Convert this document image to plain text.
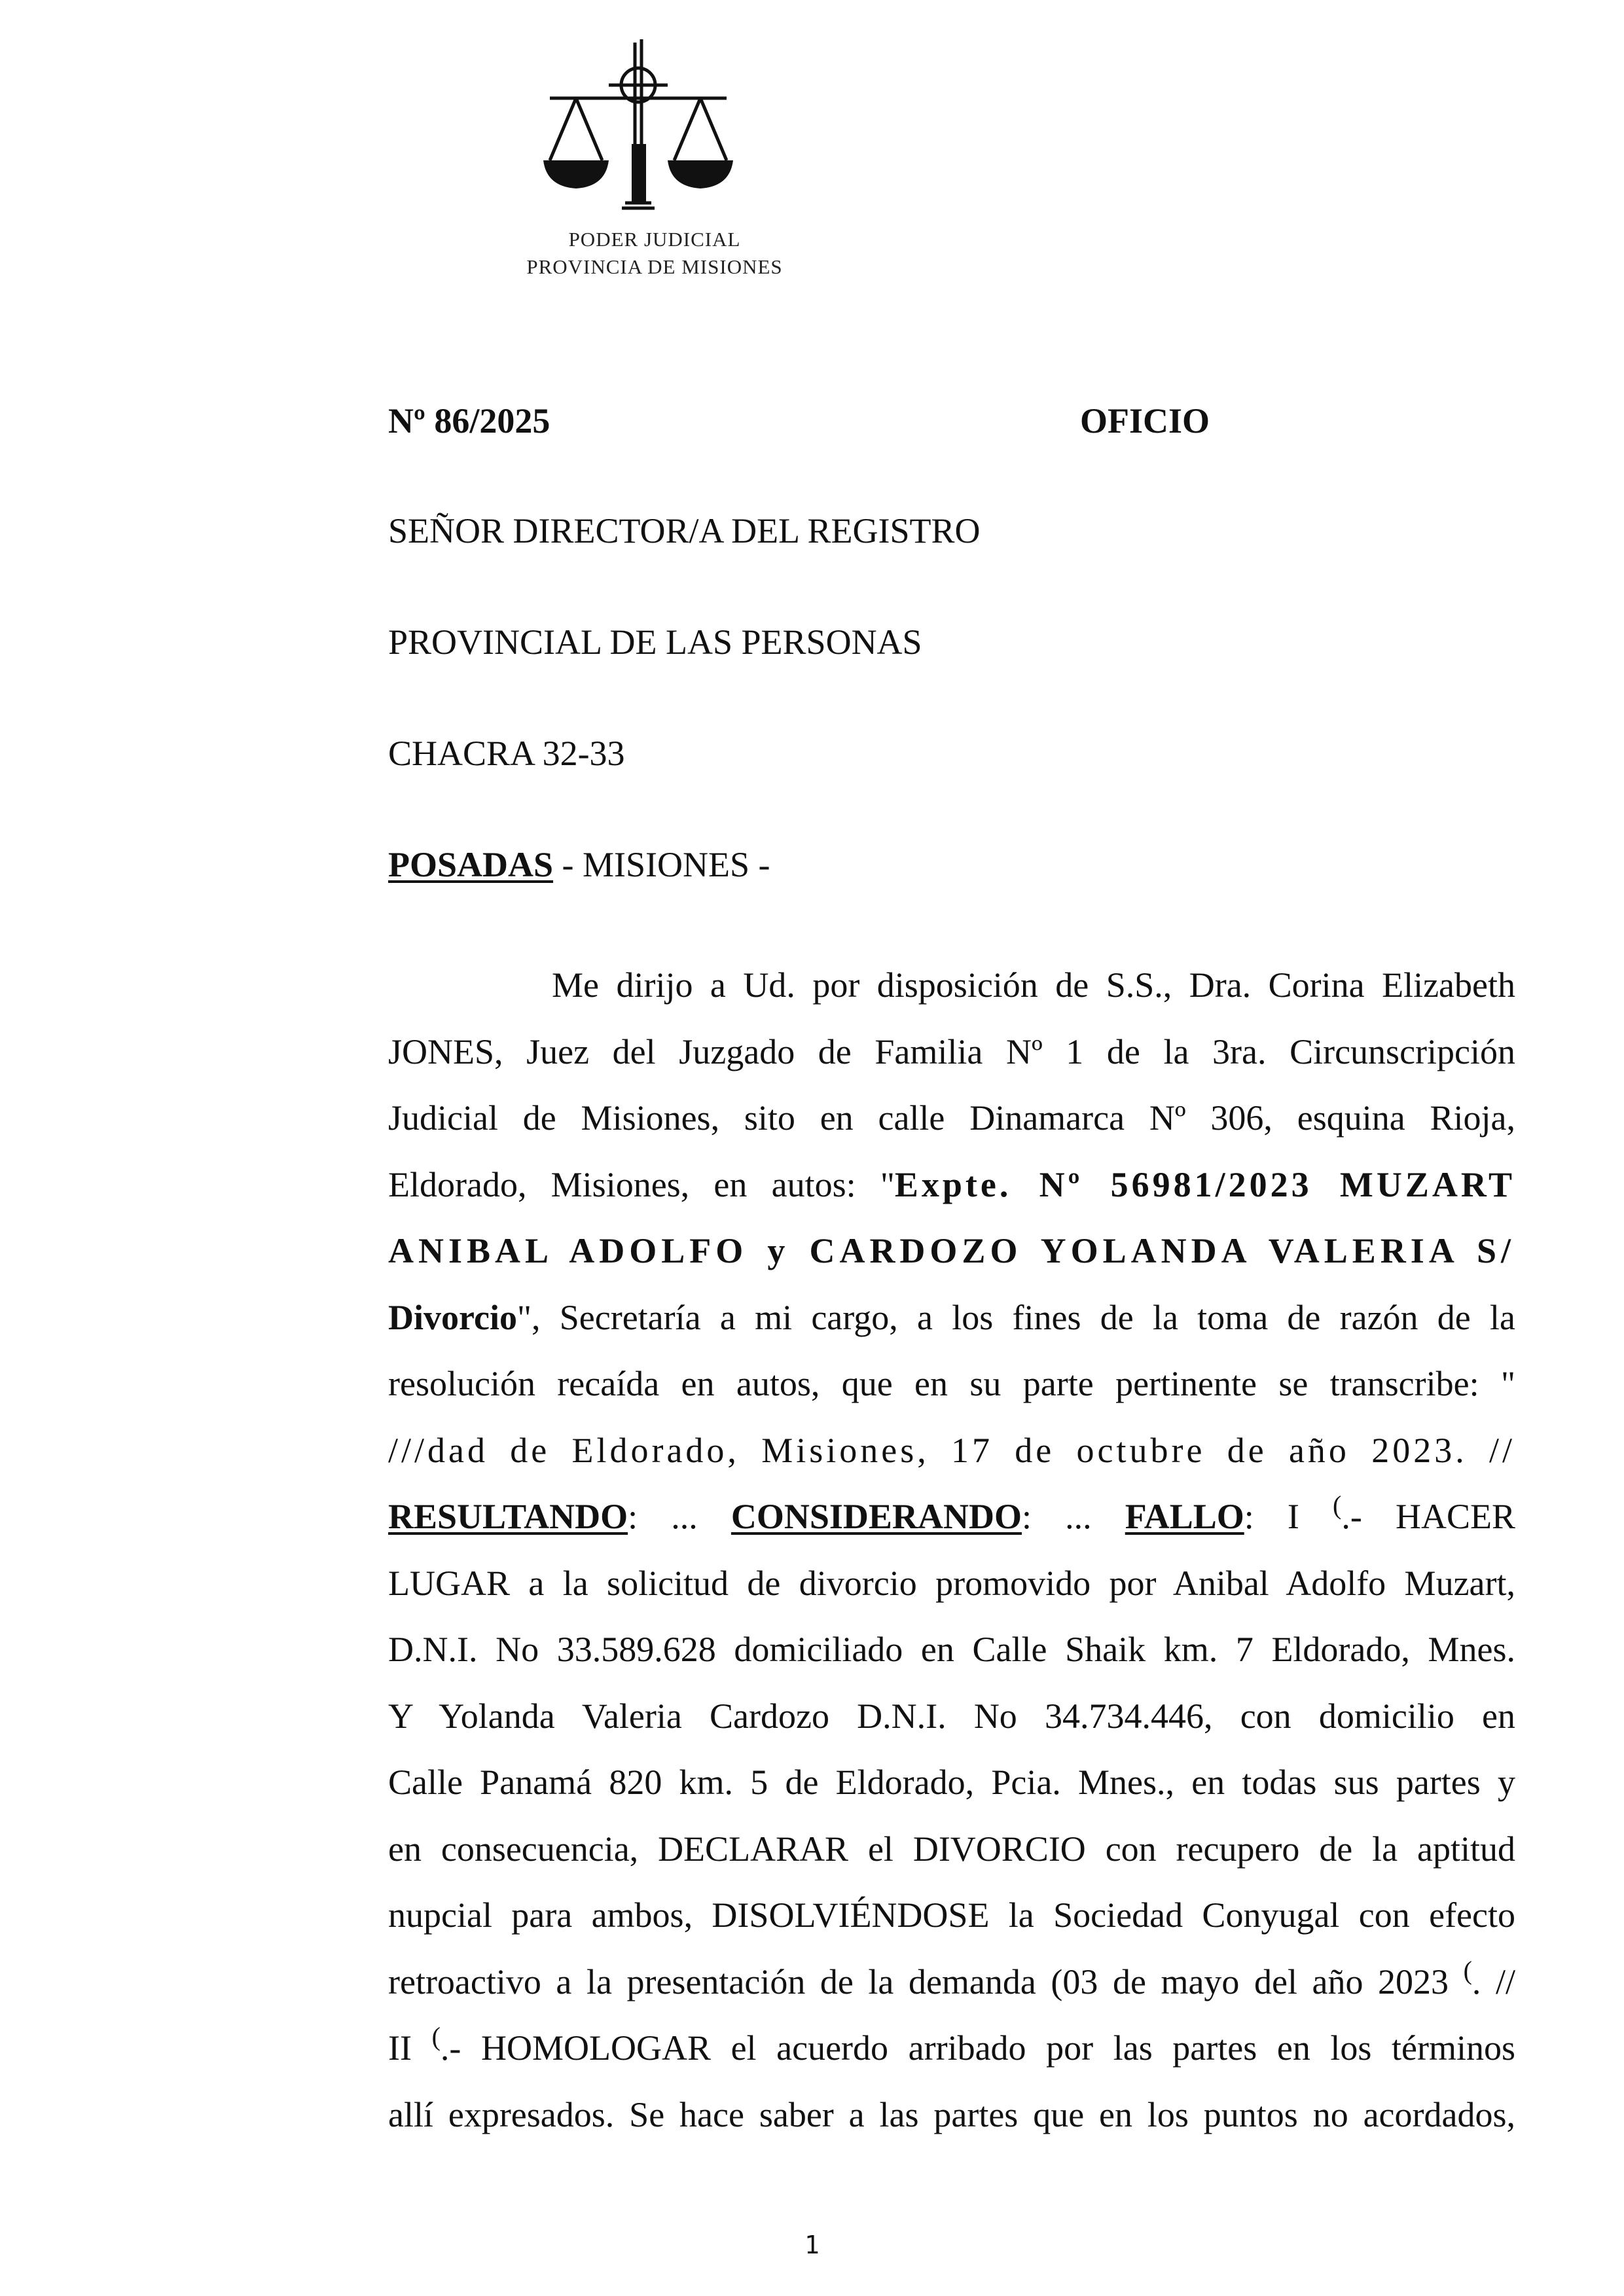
PODER JUDICIAL
PROVINCIA DE MISIONES
Nº 86/2025	OFICIO
SEÑOR DIRECTOR/A DEL REGISTRO
PROVINCIAL DE LAS PERSONAS
CHACRA 32-33
POSADAS - MISIONES -
Me dirijo a Ud. por disposición de S.S., Dra. Corina Elizabeth
JONES, Juez del Juzgado de Familia Nº 1 de la 3ra. Circunscripción
Judicial de Misiones, sito en calle Dinamarca Nº 306, esquina Rioja,
Eldorado, Misiones, en autos: "Expte. Nº 56981/2023 MUZART
ANIBAL ADOLFO y CARDOZO YOLANDA VALERIA S/
Divorcio", Secretaría a mi cargo, a los fines de la toma de razón de la
resolución recaída en autos, que en su parte pertinente se transcribe: "
///dad de Eldorado, Misiones, 17 de octubre de año 2023. //
RESULTANDO: ... CONSIDERANDO: ... FALLO: I (.- HACER
LUGAR a la solicitud de divorcio promovido por Anibal Adolfo Muzart,
D.N.I. No 33.589.628 domiciliado en Calle Shaik km. 7 Eldorado, Mnes.
Y Yolanda Valeria Cardozo D.N.I. No 34.734.446, con domicilio en
Calle Panamá 820 km. 5 de Eldorado, Pcia. Mnes., en todas sus partes y
en consecuencia, DECLARAR el DIVORCIO con recupero de la aptitud
nupcial para ambos, DISOLVIÉNDOSE la Sociedad Conyugal con efecto
retroactivo a la presentación de la demanda (03 de mayo del año 2023 (. //
II (.- HOMOLOGAR el acuerdo arribado por las partes en los términos
allí expresados. Se hace saber a las partes que en los puntos no acordados,
1
